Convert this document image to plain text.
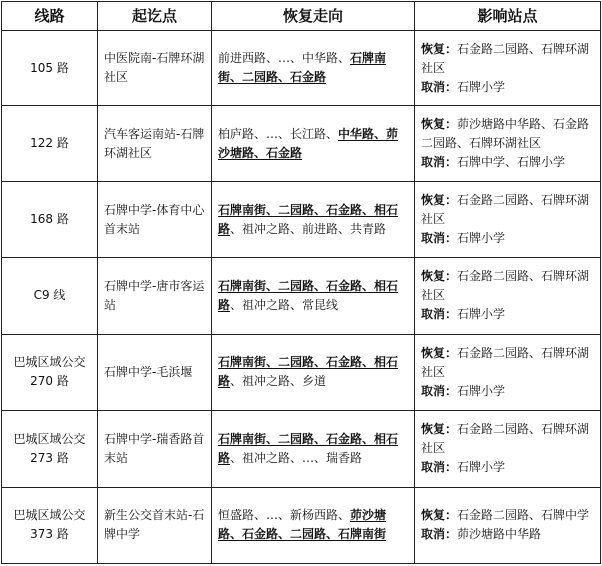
线路	起讫点	恢复走向	影响站点
105 路	中医院南-石牌环湖社区	前进西路、…、中华路、石牌南街、二园路、石金路	恢复：石金路二园路、石牌环湖社区
取消：石牌小学

122 路	汽车客运南站-石牌环湖社区	柏庐路、…、长江路、中华路、茆沙塘路、石金路	恢复：茆沙塘路中华路、石金路二园路、石牌环湖社区
取消：石牌中学、石牌小学

168 路	石牌中学-体育中心首末站	石牌南街、二园路、石金路、相石路、祖冲之路、前进路、共青路	恢复：石金路二园路、石牌环湖社区
取消：石牌小学

C9 线	石牌中学-唐市客运站	石牌南街、二园路、石金路、相石路、祖冲之路、常昆线	恢复：石金路二园路、石牌环湖社区
取消：石牌小学

巴城区域公交 270 路	石牌中学-毛浜堰	石牌南街、二园路、石金路、相石路、祖冲之路、乡道	恢复：石金路二园路、石牌环湖社区
取消：石牌小学

巴城区域公交 273 路	石牌中学-瑞香路首末站	石牌南街、二园路、石金路、相石路、祖冲之路、…、瑞香路	恢复：石金路二园路、石牌环湖社区
取消：石牌小学

巴城区域公交 373 路	新生公交首末站-石牌中学	恒盛路、…、新杨西路、茆沙塘路、石金路、二园路、石牌南街	恢复：石金路二园路、石牌中学
取消：茆沙塘路中华路
